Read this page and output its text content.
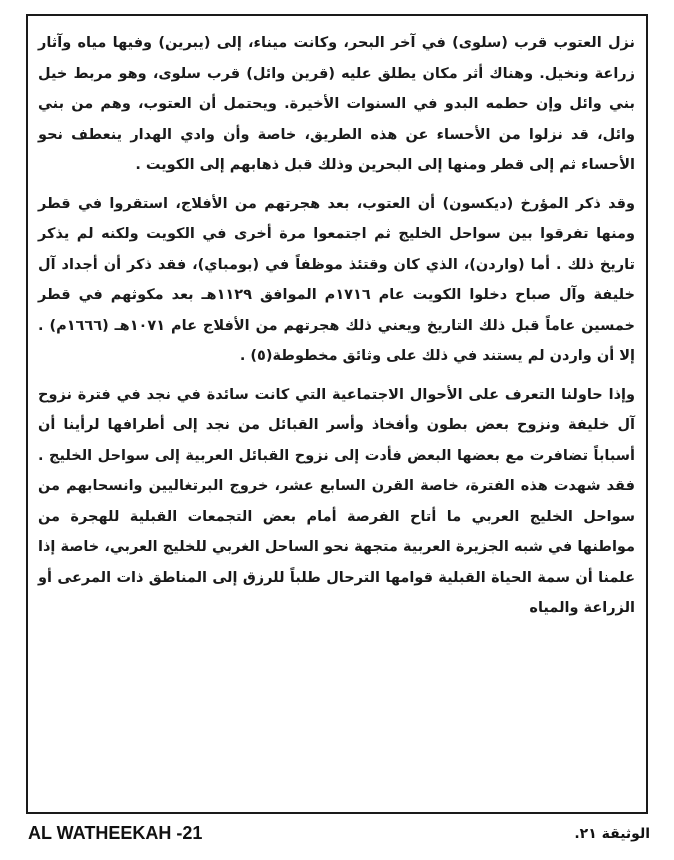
نزل العتوب قرب (سلوى) في آخر البحر، وكانت ميناء، إلى (يبرين) وفيها مياه وآثار زراعة ونخيل. وهناك أثر مكان يطلق عليه (قرين وائل) قرب سلوى، وهو مربط خيل بني وائل وإن حطمه البدو في السنوات الأخيرة. ويحتمل أن العتوب، وهم من بني وائل، قد نزلوا من الأحساء عن هذه الطريق، خاصة وأن وادي الهدار ينعطف نحو الأحساء ثم إلى قطر ومنها إلى البحرين وذلك قبل ذهابهم إلى الكويت .

وقد ذكر المؤرخ (ديكسون) أن العتوب، بعد هجرتهم من الأفلاج، استقروا في قطر ومنها تفرقوا بين سواحل الخليج ثم اجتمعوا مرة أخرى في الكويت ولكنه لم يذكر تاريخ ذلك . أما (واردن)، الذي كان وقتئذ موظفاً في (بومباي)، فقد ذكر أن أجداد آل خليفة وآل صباح دخلوا الكويت عام ١٧١٦م الموافق ١١٢٩هـ بعد مكوثهم في قطر خمسين عاماً قبل ذلك التاريخ ويعني ذلك هجرتهم من الأفلاج عام ١٠٧١هـ (١٦٦٦م) . إلا أن واردن لم يستند في ذلك على وثائق مخطوطة(٥) .

وإذا حاولنا التعرف على الأحوال الاجتماعية التي كانت سائدة في نجد في فترة نزوح آل خليفة ونزوح بعض بطون وأفخاذ وأسر القبائل من نجد إلى أطرافها لرأينا أن أسباباً تضافرت مع بعضها البعض فأدت إلى نزوح القبائل العربية إلى سواحل الخليج . فقد شهدت هذه الفترة، خاصة القرن السابع عشر، خروج البرتغاليين وانسحابهم من سواحل الخليج العربي ما أتاح الفرصة أمام بعض التجمعات القبلية للهجرة من مواطنها في شبه الجزيرة العربية متجهة نحو الساحل الغربي للخليج العربي، خاصة إذا علمنا أن سمة الحياة القبلية قوامها الترحال طلباً للرزق إلى المناطق ذات المرعى أو الزراعة والمياه

AL WATHEEKAH -21	الوثيقة ٢١.
